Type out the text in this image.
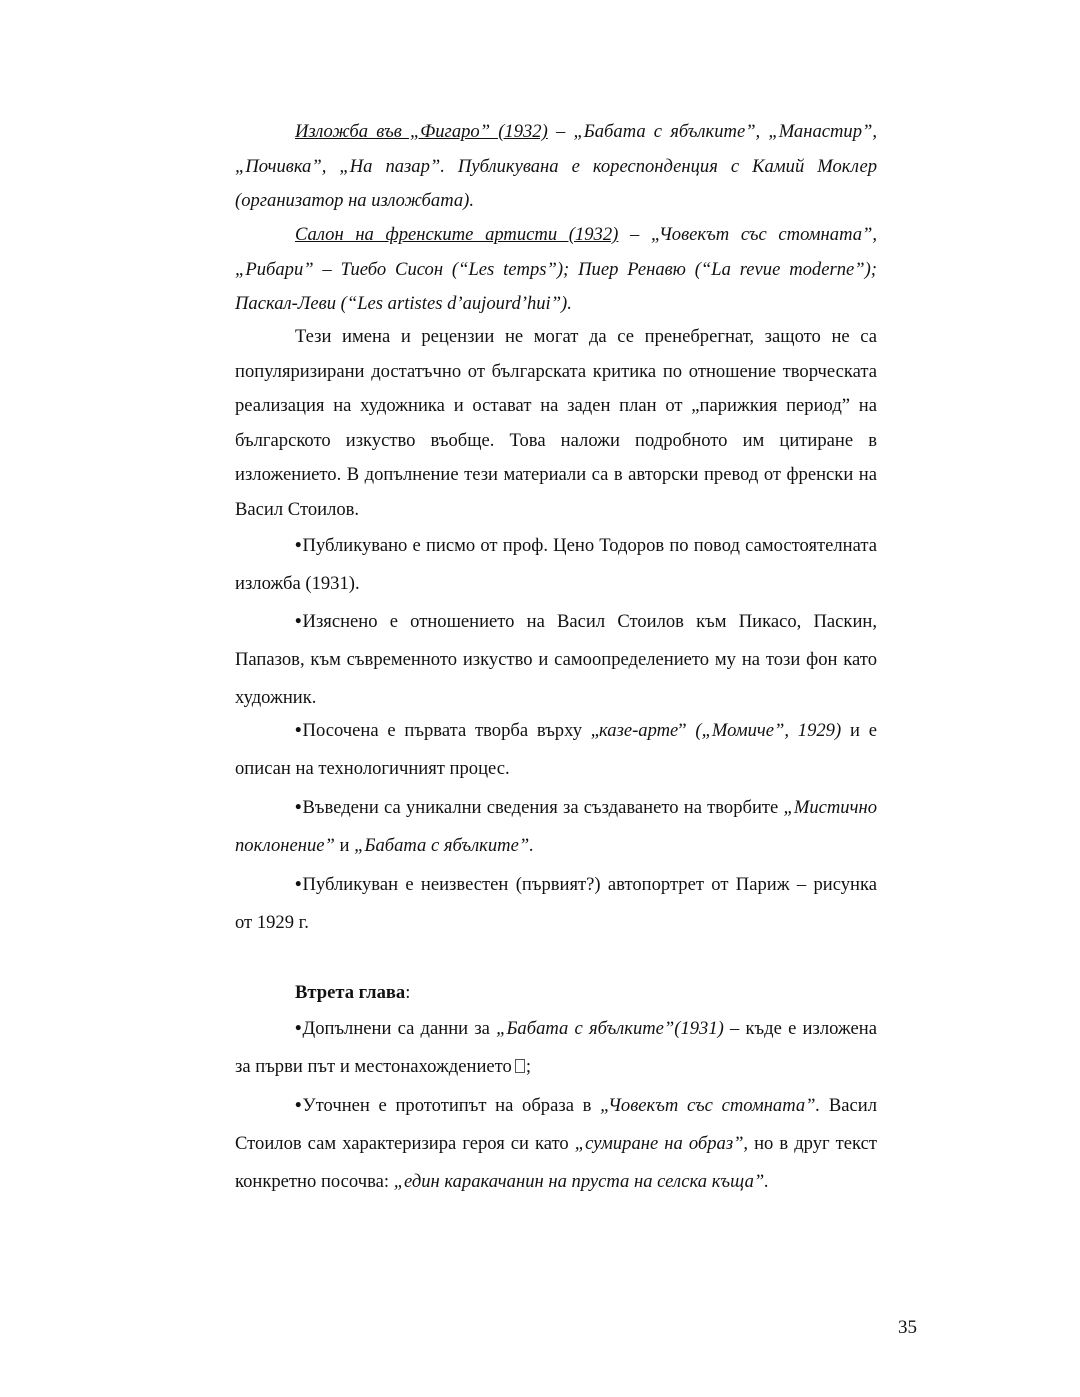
Изложба във „Фигаро” (1932) – „Бабата с ябълките”, „Манастир”, „Почивка”, „На пазар”. Публикувана е кореспонденция с Камий Моклер (организатор на изложбата).

Салон на френските артисти (1932) – „Човекът със стомната”, „Рибари” – Тиебо Сисон (“Les temps”); Пиер Ренавю (“La revue moderne”); Паскал-Леви (“Les artistes d’aujourd’hui”).

Тези имена и рецензии не могат да се пренебрегнат, защото не са популяризирани достатъчно от българската критика по отношение творческата реализация на художника и остават на заден план от „парижкия период” на българското изкуство въобще. Това наложи подробното им цитиране в изложението. В допълнение тези материали са в авторски превод от френски на Васил Стоилов.

•Публикувано е писмо от проф. Цено Тодоров по повод самостоятелната изложба (1931).

•Изяснено е отношението на Васил Стоилов към Пикасо, Паскин, Папазов, към съвременното изкуство и самоопределението му на този фон като художник.

•Посочена е първата творба върху „казе-арте” („Момиче”, 1929) и е описан на технологичният процес.

•Въведени са уникални сведения за създаването на творбите „Мистично поклонение” и „Бабата с ябълките”.

•Публикуван е неизвестен (първият?) автопортрет от Париж – рисунка от 1929 г.

Втрета глава:

•Допълнени са данни за „Бабата с ябълките”(1931) – къде е изложена за първи път и местонахождението ;

•Уточнен е прототипът на образа в „Човекът със стомната”. Васил Стоилов сам характеризира героя си като „сумиране на образ”, но в друг текст конкретно посочва: „един каракачанин на пруста на селска къща”.

35
